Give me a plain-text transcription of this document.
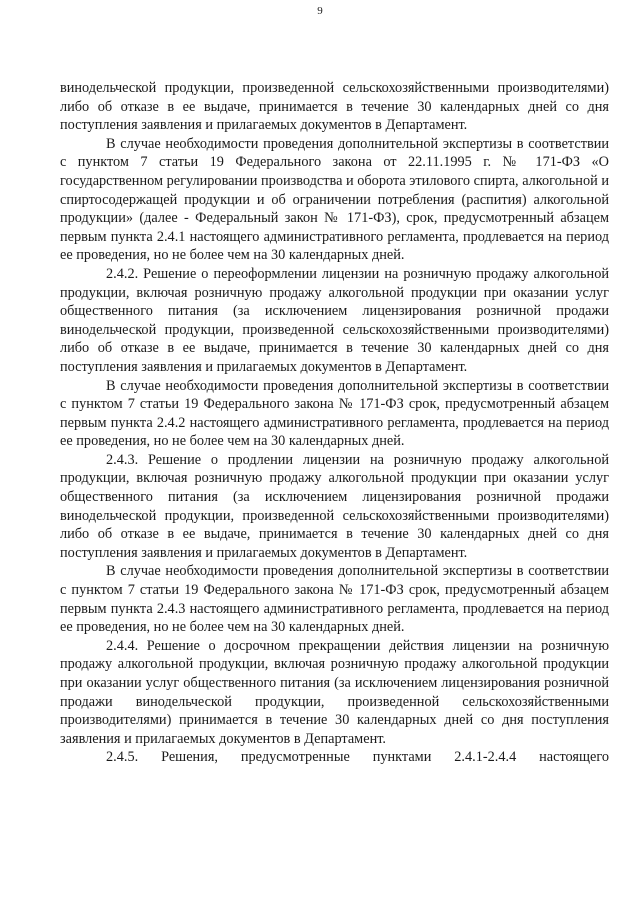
9

винодельческой продукции, произведенной сельскохозяйственными производителями) либо об отказе в ее выдаче, принимается в течение 30 календарных дней со дня поступления заявления и прилагаемых документов в Департамент.

В случае необходимости проведения дополнительной экспертизы в соответствии с пунктом 7 статьи 19 Федерального закона от 22.11.1995 г. № 171-ФЗ «О государственном регулировании производства и оборота этилового спирта, алкогольной и спиртосодержащей продукции и об ограничении потребления (распития) алкогольной продукции» (далее - Федеральный закон № 171-ФЗ), срок, предусмотренный абзацем первым пункта 2.4.1 настоящего административного регламента, продлевается на период ее проведения, но не более чем на 30 календарных дней.

2.4.2. Решение о переоформлении лицензии на розничную продажу алкогольной продукции, включая розничную продажу алкогольной продукции при оказании услуг общественного питания (за исключением лицензирования розничной продажи винодельческой продукции, произведенной сельскохозяйственными производителями) либо об отказе в ее выдаче, принимается в течение 30 календарных дней со дня поступления заявления и прилагаемых документов в Департамент.

В случае необходимости проведения дополнительной экспертизы в соответствии с пунктом 7 статьи 19 Федерального закона № 171-ФЗ срок, предусмотренный абзацем первым пункта 2.4.2 настоящего административного регламента, продлевается на период ее проведения, но не более чем на 30 календарных дней.

2.4.3. Решение о продлении лицензии на розничную продажу алкогольной продукции, включая розничную продажу алкогольной продукции при оказании услуг общественного питания (за исключением лицензирования розничной продажи винодельческой продукции, произведенной сельскохозяйственными производителями) либо об отказе в ее выдаче, принимается в течение 30 календарных дней со дня поступления заявления и прилагаемых документов в Департамент.

В случае необходимости проведения дополнительной экспертизы в соответствии с пунктом 7 статьи 19 Федерального закона № 171-ФЗ срок, предусмотренный абзацем первым пункта 2.4.3 настоящего административного регламента, продлевается на период ее проведения, но не более чем на 30 календарных дней.

2.4.4. Решение о досрочном прекращении действия лицензии на розничную продажу алкогольной продукции, включая розничную продажу алкогольной продукции при оказании услуг общественного питания (за исключением лицензирования розничной продажи винодельческой продукции, произведенной сельскохозяйственными производителями) принимается в течение 30 календарных дней со дня поступления заявления и прилагаемых документов в Департамент.

2.4.5. Решения, предусмотренные пунктами 2.4.1-2.4.4 настоящего
